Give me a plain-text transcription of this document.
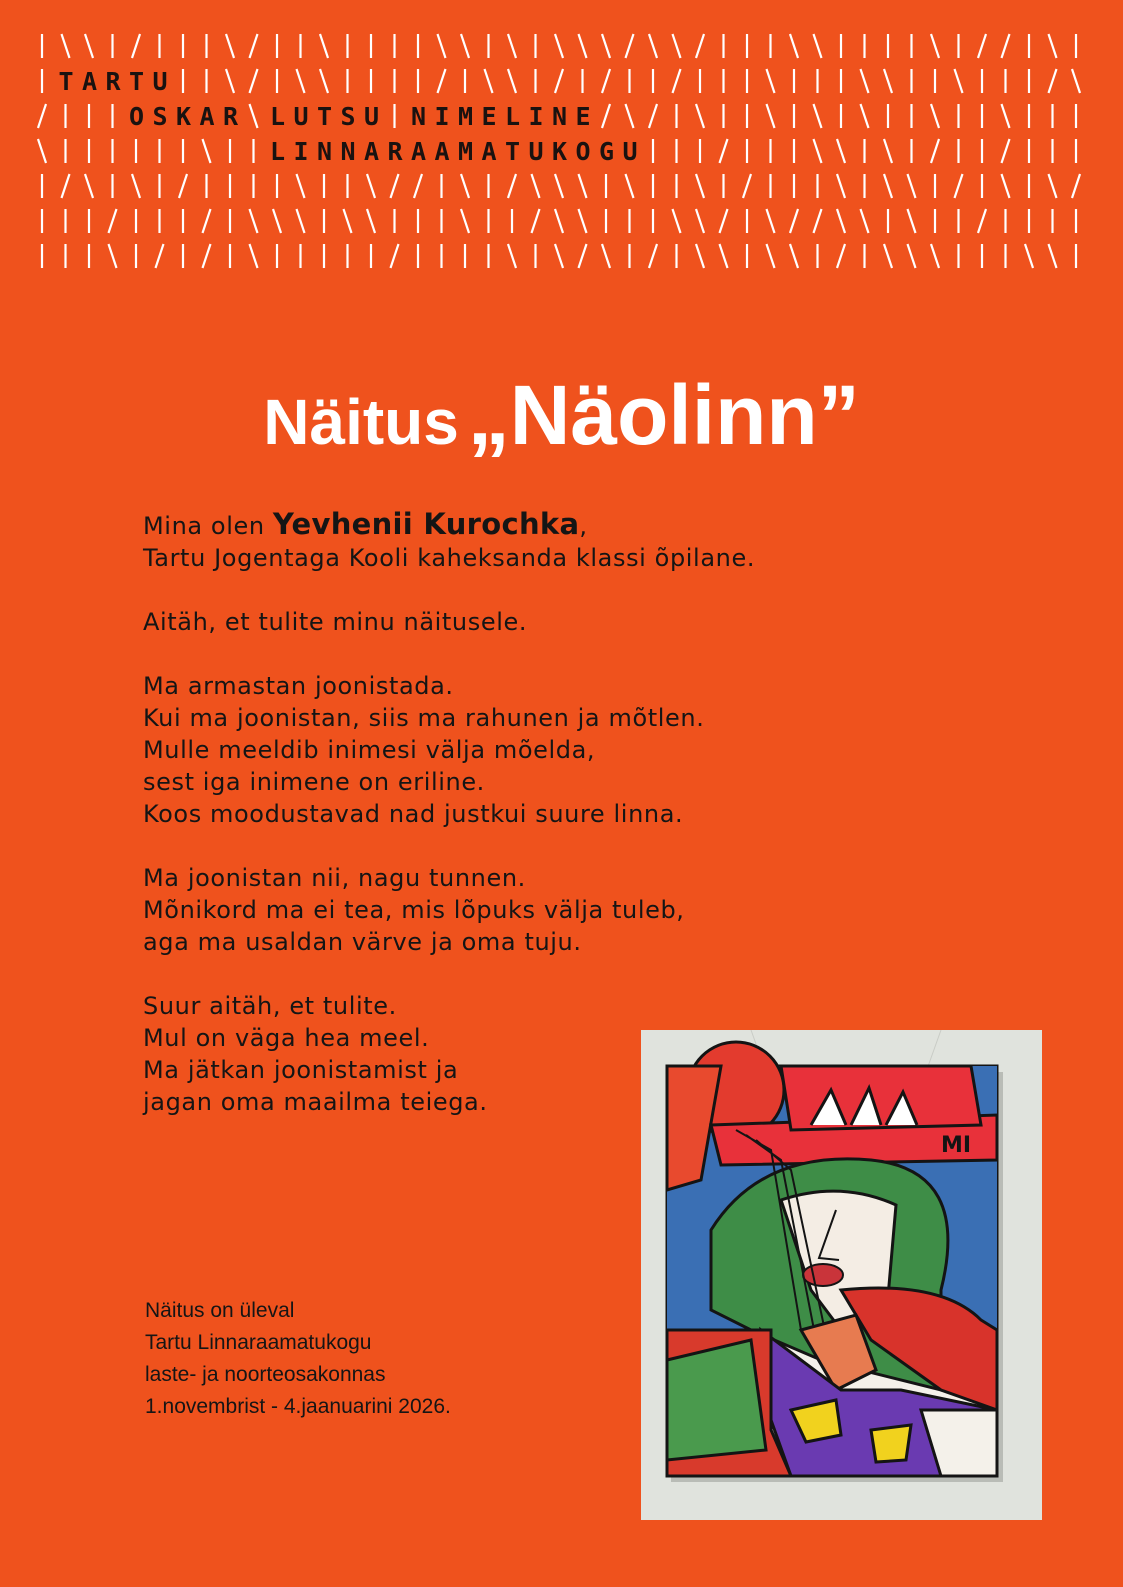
TARTU
OSKAR LUTSU NIMELINE
LINNARAAMATUKOGU
Näitus „Näolinn”

Mina olen Yevhenii Kurochka,
Tartu Jogentaga Kooli kaheksanda klassi õpilane.

Aitäh, et tulite minu näitusele.

Ma armastan joonistada.
Kui ma joonistan, siis ma rahunen ja mõtlen.
Mulle meeldib inimesi välja mõelda,
sest iga inimene on eriline.
Koos moodustavad nad justkui suure linna.

Ma joonistan nii, nagu tunnen.
Mõnikord ma ei tea, mis lõpuks välja tuleb,
aga ma usaldan värve ja oma tuju.

Suur aitäh, et tulite.
Mul on väga hea meel.
Ma jätkan joonistamist ja
jagan oma maailma teiega.

Näitus on üleval
Tartu Linnaraamatukogu
laste- ja noorteosakonnas
1.novembrist - 4.jaanuarini 2026.
MI
